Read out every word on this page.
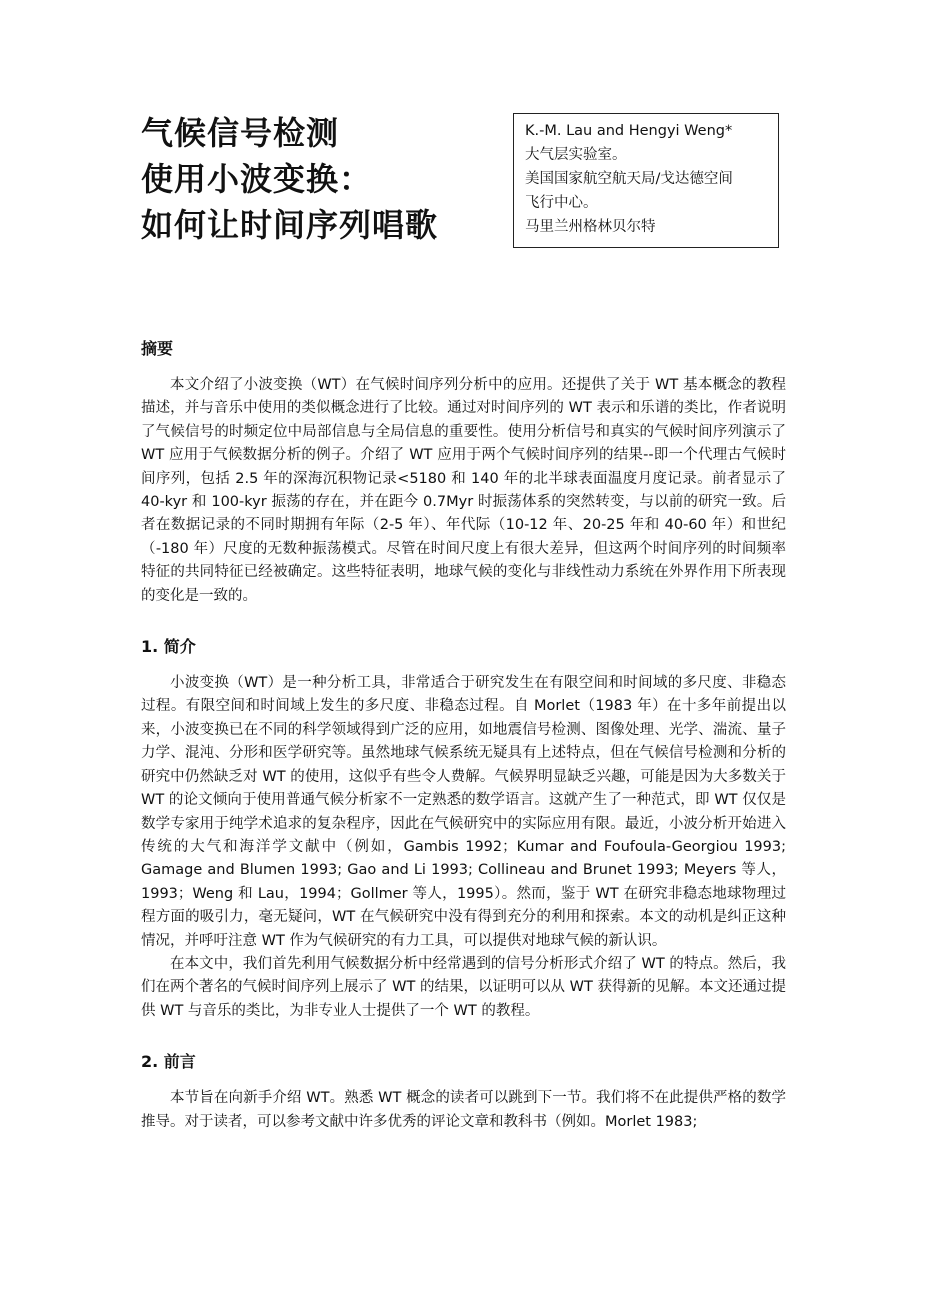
气候信号检测
使用小波变换：
如何让时间序列唱歌
K.-M. Lau and Hengyi Weng*
大气层实验室。
美国国家航空航天局/戈达德空间
飞行中心。
马里兰州格林贝尔特

摘要

本文介绍了小波变换（WT）在气候时间序列分析中的应用。还提供了关于 WT 基本概念的教程描述，并与音乐中使用的类似概念进行了比较。通过对时间序列的 WT 表示和乐谱的类比，作者说明了气候信号的时频定位中局部信息与全局信息的重要性。使用分析信号和真实的气候时间序列演示了 WT 应用于气候数据分析的例子。介绍了 WT 应用于两个气候时间序列的结果--即一个代理古气候时间序列，包括 2.5 年的深海沉积物记录<5180 和 140 年的北半球表面温度月度记录。前者显示了 40-kyr 和 100-kyr 振荡的存在，并在距今 0.7Myr 时振荡体系的突然转变，与以前的研究一致。后者在数据记录的不同时期拥有年际（2-5 年）、年代际（10-12 年、20-25 年和 40-60 年）和世纪（-180 年）尺度的无数种振荡模式。尽管在时间尺度上有很大差异，但这两个时间序列的时间频率特征的共同特征已经被确定。这些特征表明，地球气候的变化与非线性动力系统在外界作用下所表现的变化是一致的。

1. 简介

小波变换（WT）是一种分析工具，非常适合于研究发生在有限空间和时间域的多尺度、非稳态过程。有限空间和时间域上发生的多尺度、非稳态过程。自 Morlet（1983 年）在十多年前提出以来，小波变换已在不同的科学领域得到广泛的应用，如地震信号检测、图像处理、光学、湍流、量子力学、混沌、分形和医学研究等。虽然地球气候系统无疑具有上述特点，但在气候信号检测和分析的研究中仍然缺乏对 WT 的使用，这似乎有些令人费解。气候界明显缺乏兴趣，可能是因为大多数关于 WT 的论文倾向于使用普通气候分析家不一定熟悉的数学语言。这就产生了一种范式，即 WT 仅仅是数学专家用于纯学术追求的复杂程序，因此在气候研究中的实际应用有限。最近，小波分析开始进入传统的大气和海洋学文献中（例如，Gambis 1992；Kumar and Foufoula-Georgiou 1993; Gamage and Blumen 1993; Gao and Li 1993; Collineau and Brunet 1993; Meyers 等人，1993；Weng 和 Lau，1994；Gollmer 等人，1995）。然而，鉴于 WT 在研究非稳态地球物理过程方面的吸引力，毫无疑问，WT 在气候研究中没有得到充分的利用和探索。本文的动机是纠正这种情况，并呼吁注意 WT 作为气候研究的有力工具，可以提供对地球气候的新认识。

在本文中，我们首先利用气候数据分析中经常遇到的信号分析形式介绍了 WT 的特点。然后，我们在两个著名的气候时间序列上展示了 WT 的结果，以证明可以从 WT 获得新的见解。本文还通过提供 WT 与音乐的类比，为非专业人士提供了一个 WT 的教程。

2. 前言

本节旨在向新手介绍 WT。熟悉 WT 概念的读者可以跳到下一节。我们将不在此提供严格的数学推导。对于读者，可以参考文献中许多优秀的评论文章和教科书（例如。Morlet 1983;
